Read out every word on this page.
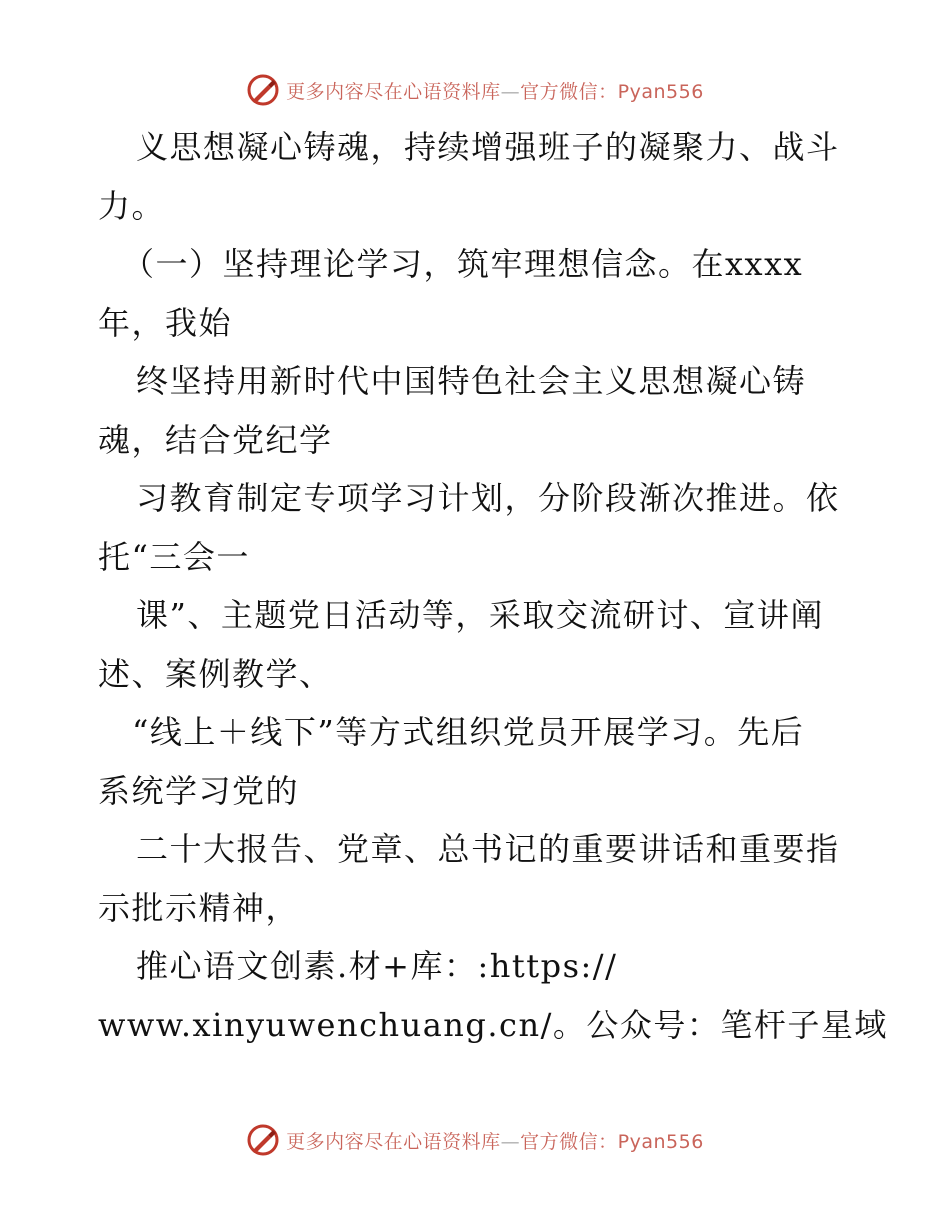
更多内容尽在心语资料库—官方微信：Pyan556
义思想凝心铸魂，持续增强班子的凝聚力、战斗
力。
（一）坚持理论学习，筑牢理想信念。在xxxx
年，我始
终坚持用新时代中国特色社会主义思想凝心铸
魂，结合党纪学
习教育制定专项学习计划，分阶段渐次推进。依
托“三会一
课”、主题党日活动等，采取交流研讨、宣讲阐
述、案例教学、
“线上＋线下”等方式组织党员开展学习。先后
系统学习党的
二十大报告、党章、总书记的重要讲话和重要指
示批示精神，
推心语文创素.材+库：:https://
www.xinyuwenchuang.cn/。公众号：笔杆子星域
更多内容尽在心语资料库—官方微信：Pyan556
